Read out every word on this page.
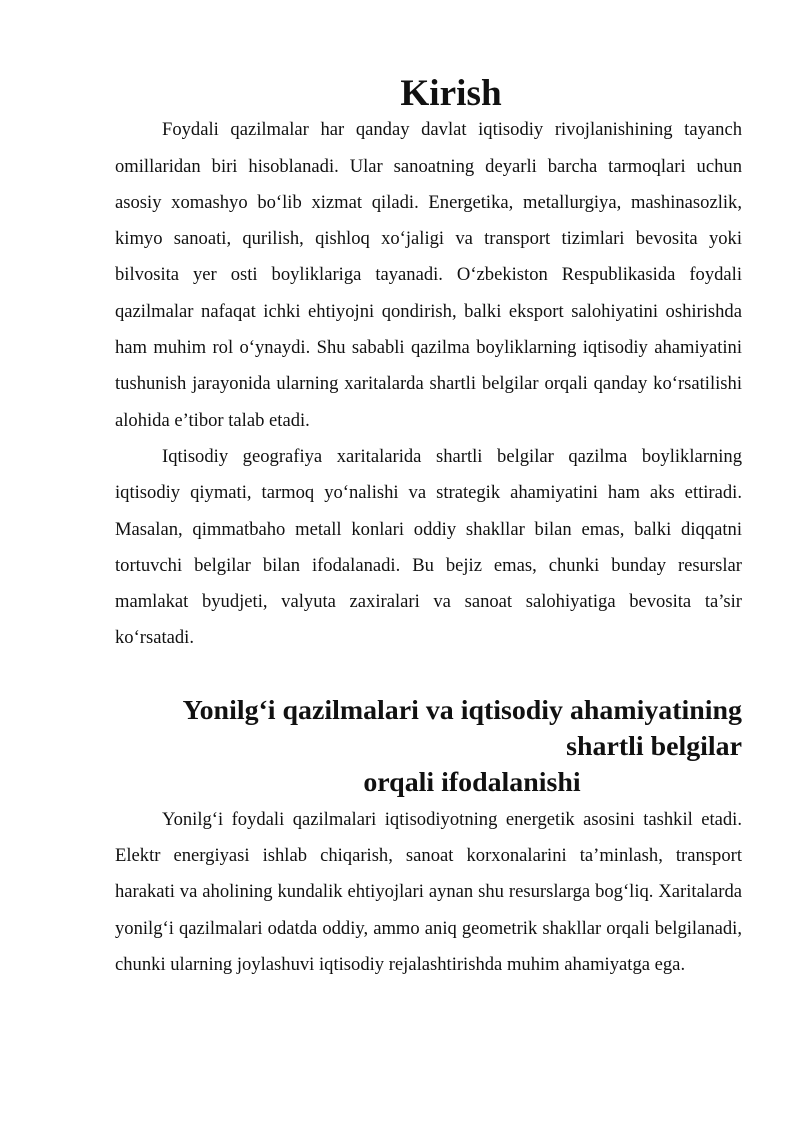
Kirish

Foydali qazilmalar har qanday davlat iqtisodiy rivojlanishining tayanch omillaridan biri hisoblanadi. Ular sanoatning deyarli barcha tarmoqlari uchun asosiy xomashyo bo‘lib xizmat qiladi. Energetika, metallurgiya, mashinasozlik, kimyo sanoati, qurilish, qishloq xo‘jaligi va transport tizimlari bevosita yoki bilvosita yer osti boyliklariga tayanadi. O‘zbekiston Respublikasida foydali qazilmalar nafaqat ichki ehtiyojni qondirish, balki eksport salohiyatini oshirishda ham muhim rol o‘ynaydi. Shu sababli qazilma boyliklarning iqtisodiy ahamiyatini tushunish jarayonida ularning xaritalarda shartli belgilar orqali qanday ko‘rsatilishi alohida e’tibor talab etadi.

Iqtisodiy geografiya xaritalarida shartli belgilar qazilma boyliklarning iqtisodiy qiymati, tarmoq yo‘nalishi va strategik ahamiyatini ham aks ettiradi. Masalan, qimmatbaho metall konlari oddiy shakllar bilan emas, balki diqqatni tortuvchi belgilar bilan ifodalanadi. Bu bejiz emas, chunki bunday resurslar mamlakat byudjeti, valyuta zaxiralari va sanoat salohiyatiga bevosita ta’sir ko‘rsatadi.

Yonilg‘i qazilmalari va iqtisodiy ahamiyatining shartli belgilar
orqali ifodalanishi

Yonilg‘i foydali qazilmalari iqtisodiyotning energetik asosini tashkil etadi. Elektr energiyasi ishlab chiqarish, sanoat korxonalarini ta’minlash, transport harakati va aholining kundalik ehtiyojlari aynan shu resurslarga bog‘liq. Xaritalarda yonilg‘i qazilmalari odatda oddiy, ammo aniq geometrik shakllar orqali belgilanadi, chunki ularning joylashuvi iqtisodiy rejalashtirishda muhim ahamiyatga ega.
